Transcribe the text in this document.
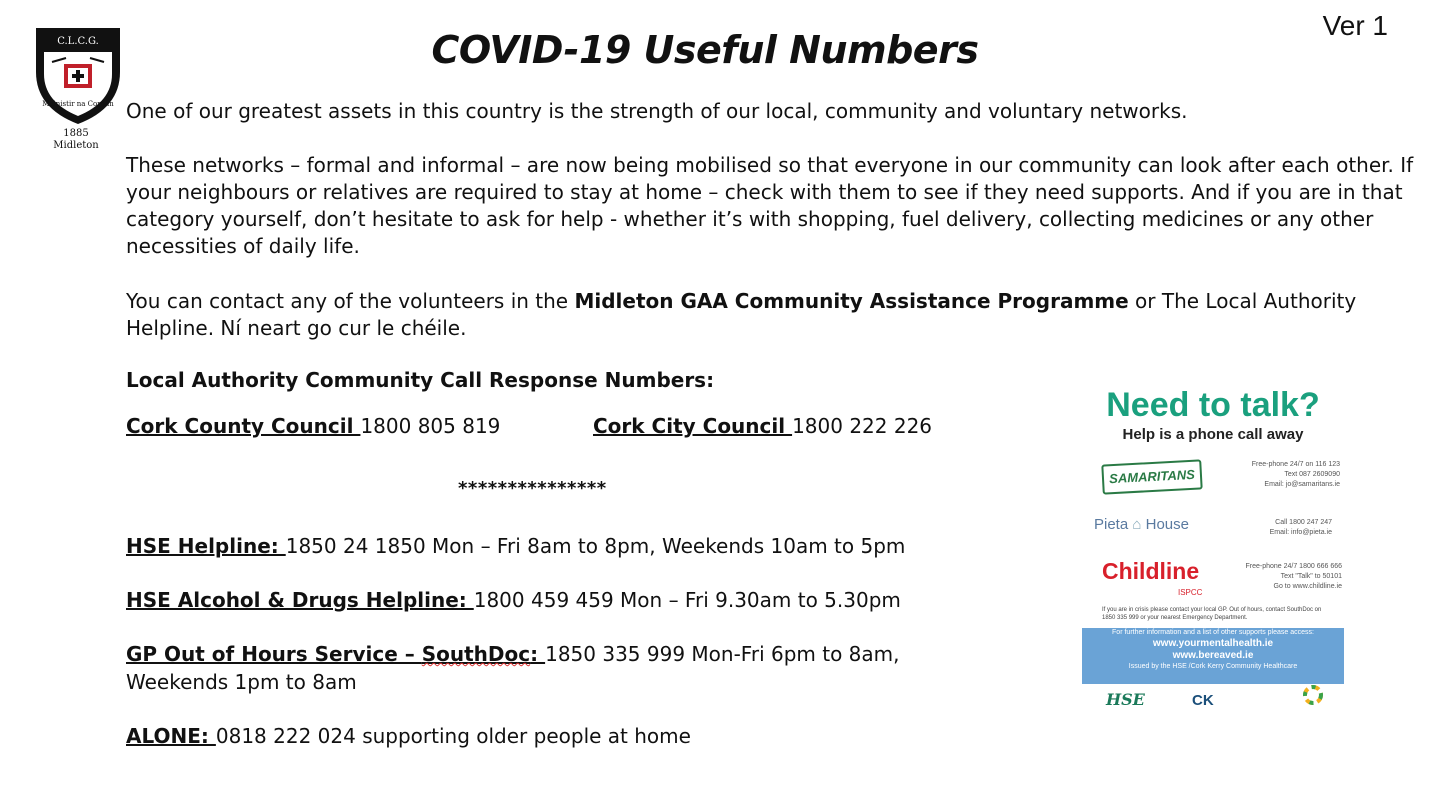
Ver 1
C.L.C.G.
Mainistir na Corann
1885
Midleton
COVID-19 Useful Numbers
One of our greatest assets in this country is the strength of our local, community and voluntary networks.
These networks – formal and informal – are now being mobilised so that everyone in our community can look after each other. If your neighbours or relatives are required to stay at home – check with them to see if they need supports. And if you are in that category yourself, don’t hesitate to ask for help - whether it’s with shopping, fuel delivery, collecting medicines or any other necessities of daily life.
You can contact any of the volunteers in the Midleton GAA Community Assistance Programme or The Local Authority Helpline. Ní neart go cur le chéile.
Local Authority Community Call Response Numbers:
Cork County Council 1800 805 819	Cork City Council 1800 222 226
***************
HSE Helpline: 1850 24 1850 Mon – Fri 8am to 8pm, Weekends 10am to 5pm
HSE Alcohol & Drugs Helpline: 1800 459 459 Mon – Fri 9.30am to 5.30pm
GP Out of Hours Service – SouthDoc: 1850 335 999 Mon-Fri 6pm to 8am, Weekends 1pm to 8am
ALONE: 0818 222 024 supporting older people at home
Need to talk?
Help is a phone call away
SAMARITANS
Free-phone 24/7 on 116 123
Text 087 2609090
Email: jo@samaritans.ie
Pieta ⌂ House	Call 1800 247 247
Email: info@pieta.ie
Childline
ISPCC
Free-phone 24/7 1800 666 666
Text "Talk" to 50101
Go to www.childline.ie
If you are in crisis please contact your local GP. Out of hours, contact SouthDoc on 1850 335 999 or your nearest Emergency Department.
For further information and a list of other supports please access:
www.yourmentalhealth.ie
www.bereaved.ie
Issued by the HSE /Cork Kerry Community Healthcare
HSE	CK
